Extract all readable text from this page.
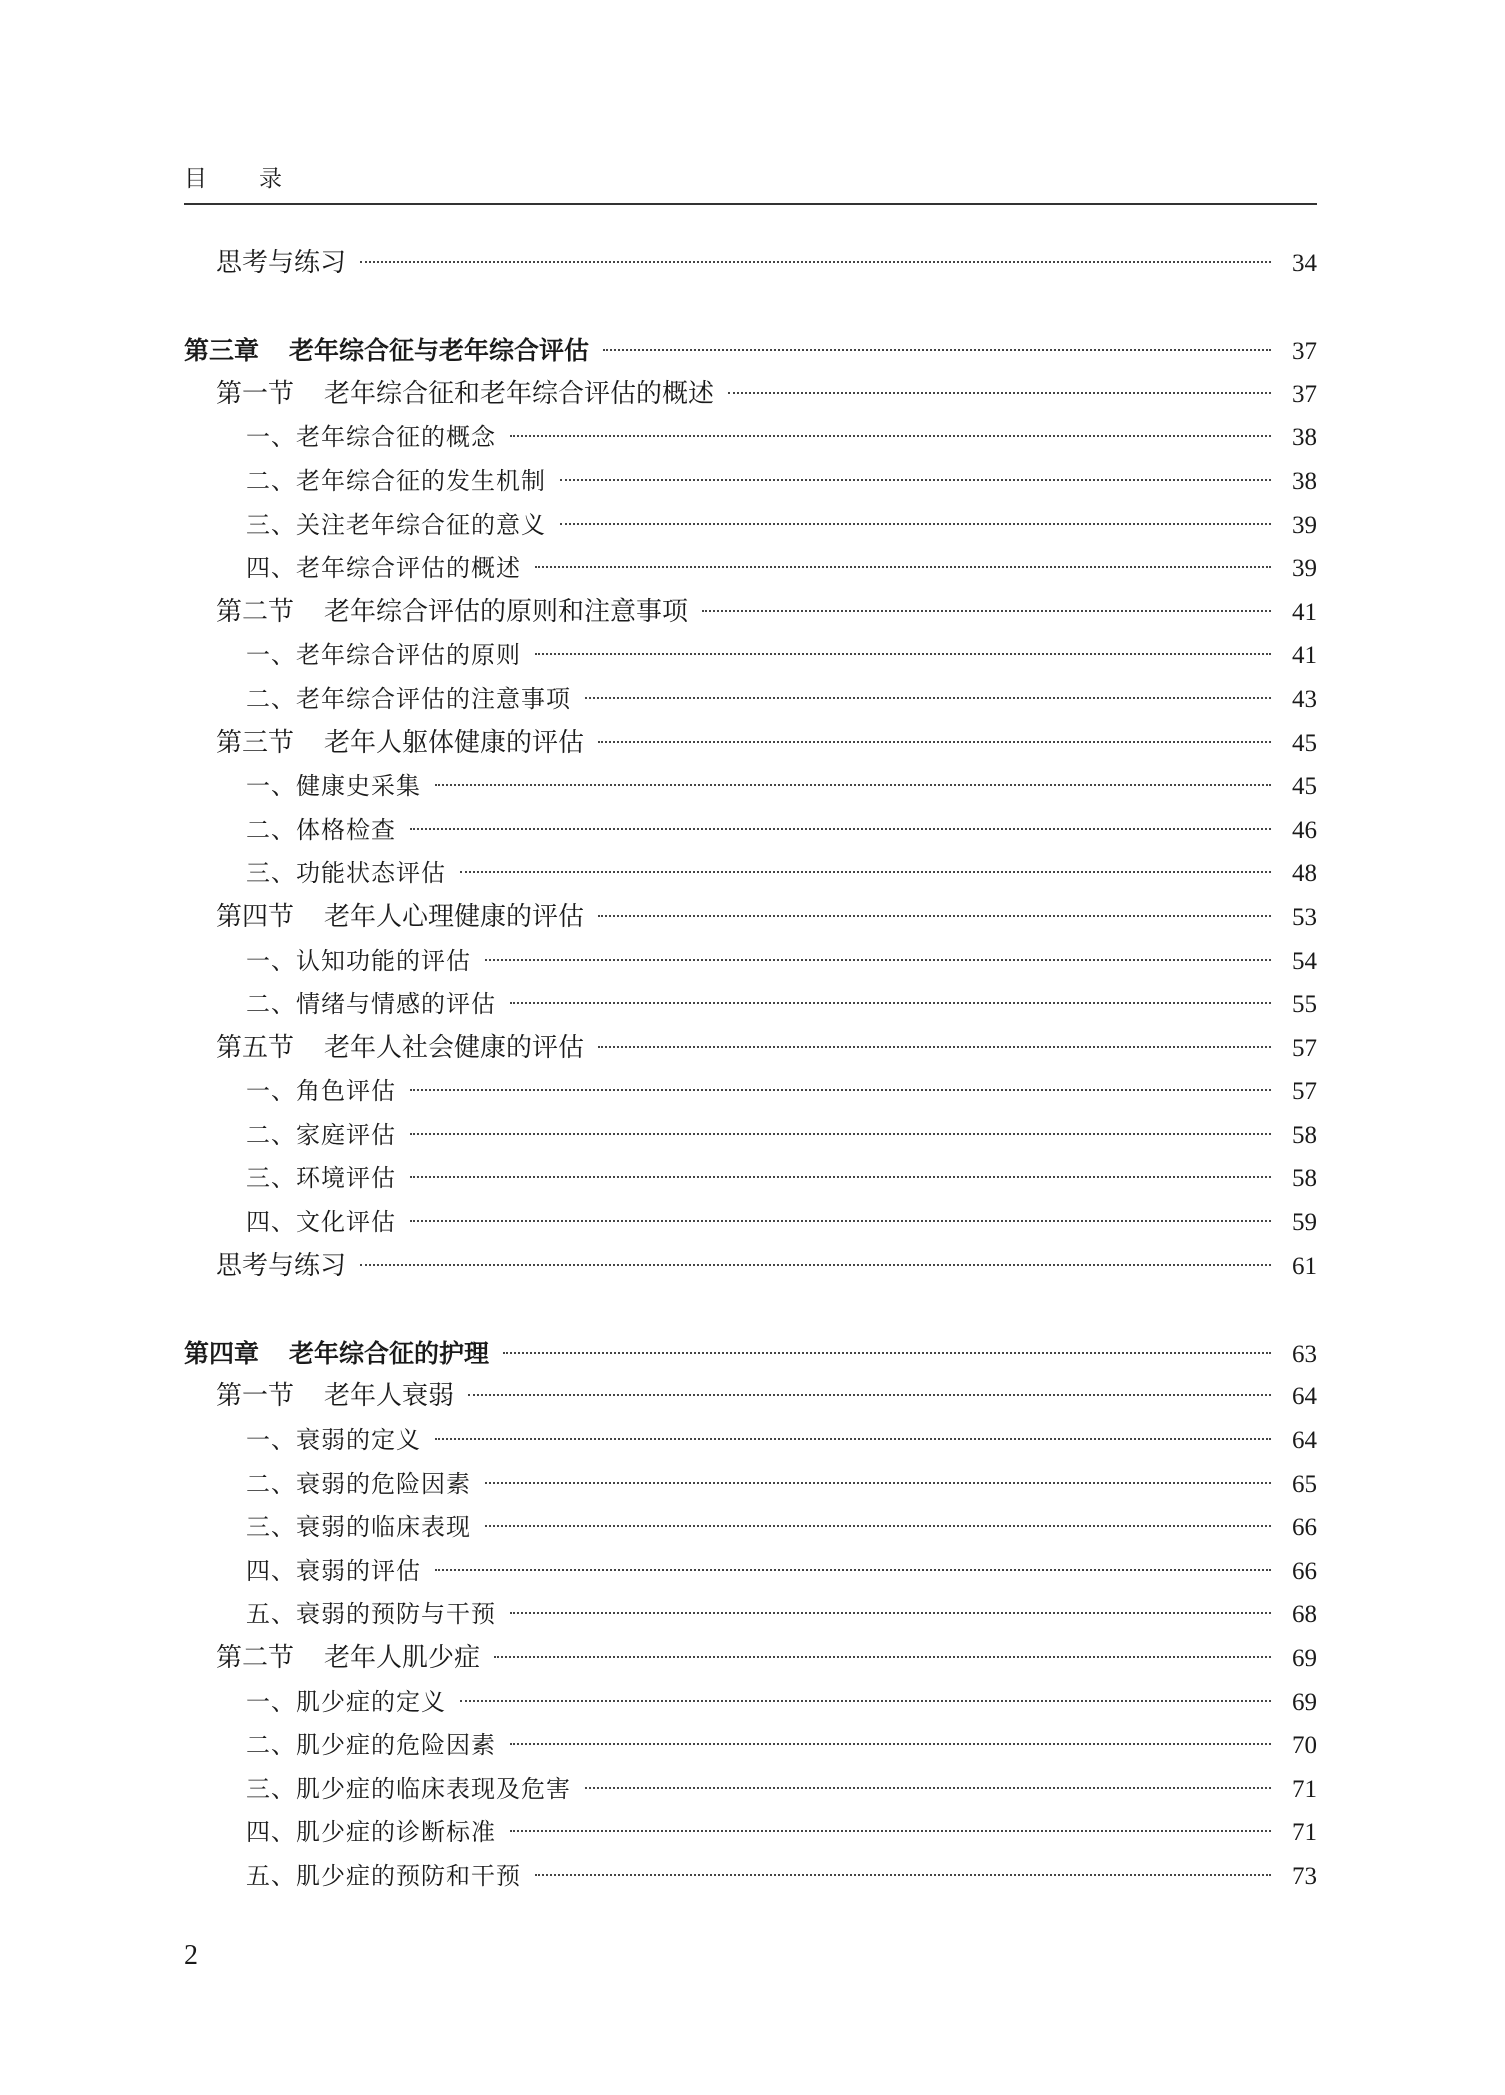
目 录
思考与练习	34
第三章 老年综合征与老年综合评估	37
第一节 老年综合征和老年综合评估的概述	37
一、老年综合征的概念	38
二、老年综合征的发生机制	38
三、关注老年综合征的意义	39
四、老年综合评估的概述	39
第二节 老年综合评估的原则和注意事项	41
一、老年综合评估的原则	41
二、老年综合评估的注意事项	43
第三节 老年人躯体健康的评估	45
一、健康史采集	45
二、体格检查	46
三、功能状态评估	48
第四节 老年人心理健康的评估	53
一、认知功能的评估	54
二、情绪与情感的评估	55
第五节 老年人社会健康的评估	57
一、角色评估	57
二、家庭评估	58
三、环境评估	58
四、文化评估	59
思考与练习	61
第四章 老年综合征的护理	63
第一节 老年人衰弱	64
一、衰弱的定义	64
二、衰弱的危险因素	65
三、衰弱的临床表现	66
四、衰弱的评估	66
五、衰弱的预防与干预	68
第二节 老年人肌少症	69
一、肌少症的定义	69
二、肌少症的危险因素	70
三、肌少症的临床表现及危害	71
四、肌少症的诊断标准	71
五、肌少症的预防和干预	73
2
